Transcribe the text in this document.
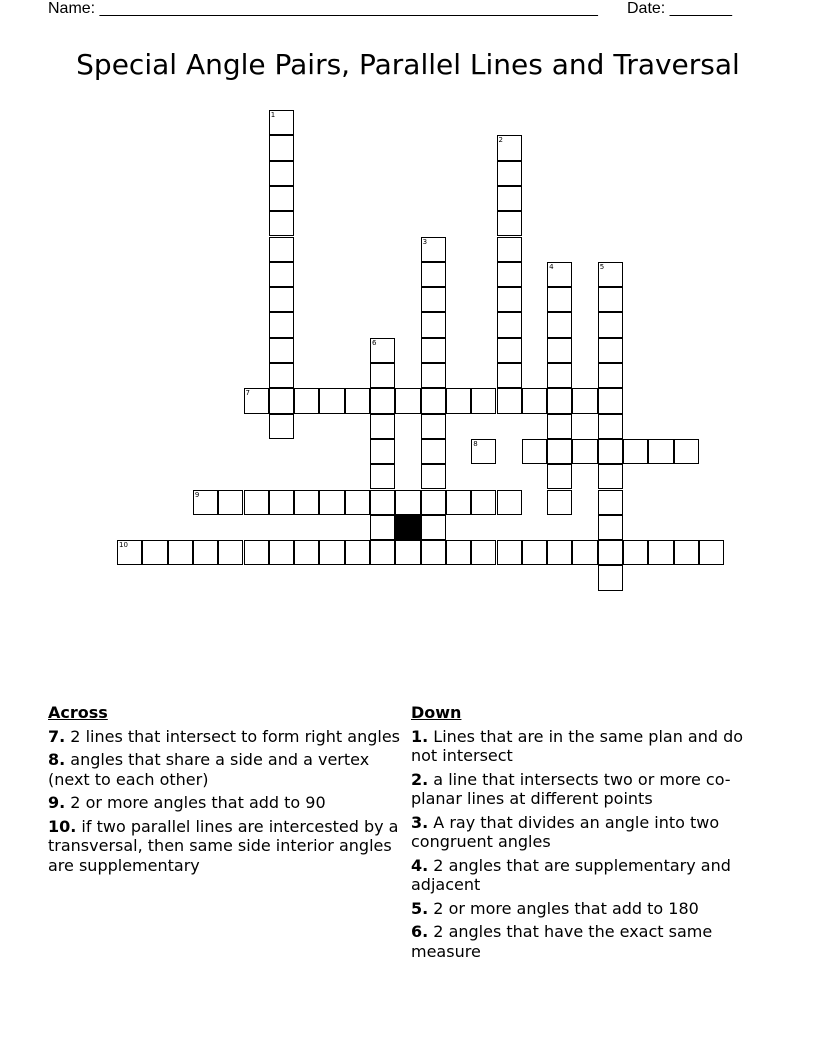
Name: ________________________________________________________ Date: _______
Special Angle Pairs, Parallel Lines and Traversal
1
2
3
4	5
6
7
8
9
10
Across
7. 2 lines that intersect to form right angles
8. angles that share a side and a vertex (next to each other)
9. 2 or more angles that add to 90
10. if two parallel lines are intercested by a transversal, then same side interior angles are supplementary
Down
1. Lines that are in the same plan and do not intersect
2. a line that intersects two or more co-planar lines at different points
3. A ray that divides an angle into two congruent angles
4. 2 angles that are supplementary and adjacent
5. 2 or more angles that add to 180
6. 2 angles that have the exact same measure
